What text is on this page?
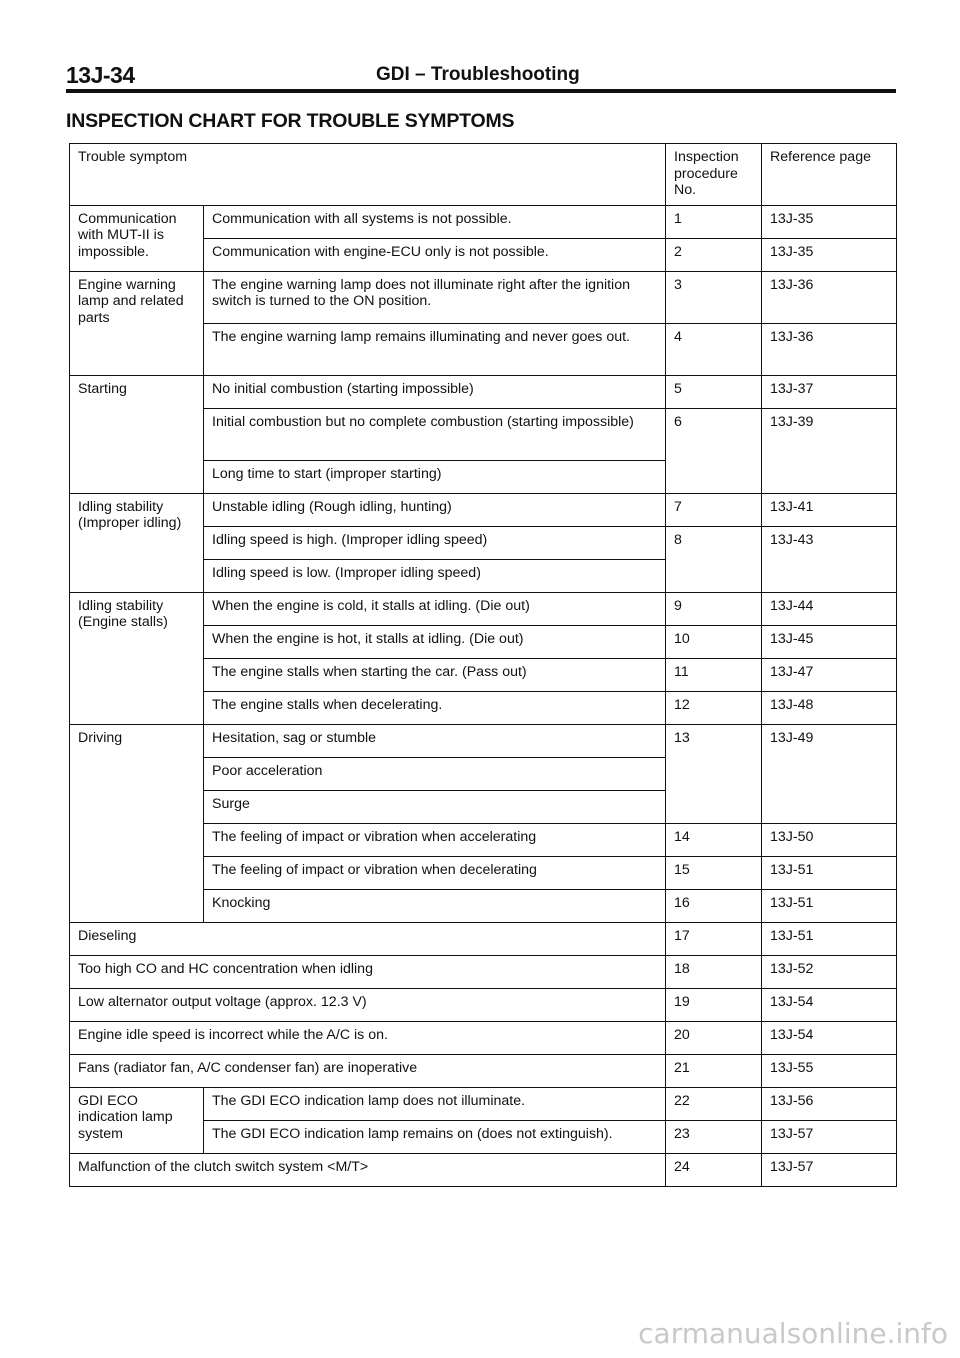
13J-34	GDI – Troubleshooting
INSPECTION CHART FOR TROUBLE SYMPTOMS
Trouble symptom		Inspection procedure No.	Reference page
Communication with MUT-II is impossible.	Communication with all systems is not possible.	1	13J-35
	Communication with engine-ECU only is not possible.	2	13J-35
Engine warning lamp and related parts	The engine warning lamp does not illuminate right after the ignition switch is turned to the ON position.	3	13J-36
	The engine warning lamp remains illuminating and never goes out.	4	13J-36
Starting	No initial combustion (starting impossible)	5	13J-37
	Initial combustion but no complete combustion (starting impossible)	6	13J-39
	Long time to start (improper starting)		
Idling stability (Improper idling)	Unstable idling (Rough idling, hunting)	7	13J-41
	Idling speed is high. (Improper idling speed)	8	13J-43
	Idling speed is low. (Improper idling speed)		
Idling stability (Engine stalls)	When the engine is cold, it stalls at idling. (Die out)	9	13J-44
	When the engine is hot, it stalls at idling. (Die out)	10	13J-45
	The engine stalls when starting the car. (Pass out)	11	13J-47
	The engine stalls when decelerating.	12	13J-48
Driving	Hesitation, sag or stumble	13	13J-49
	Poor acceleration		
	Surge		
	The feeling of impact or vibration when accelerating	14	13J-50
	The feeling of impact or vibration when decelerating	15	13J-51
	Knocking	16	13J-51
Dieseling		17	13J-51
Too high CO and HC concentration when idling		18	13J-52
Low alternator output voltage (approx. 12.3 V)		19	13J-54
Engine idle speed is incorrect while the A/C is on.		20	13J-54
Fans (radiator fan, A/C condenser fan) are inoperative		21	13J-55
GDI ECO indication lamp system	The GDI ECO indication lamp does not illuminate.	22	13J-56
	The GDI ECO indication lamp remains on (does not extinguish).	23	13J-57
Malfunction of the clutch switch system <M/T>		24	13J-57
carmanualsonline.info
